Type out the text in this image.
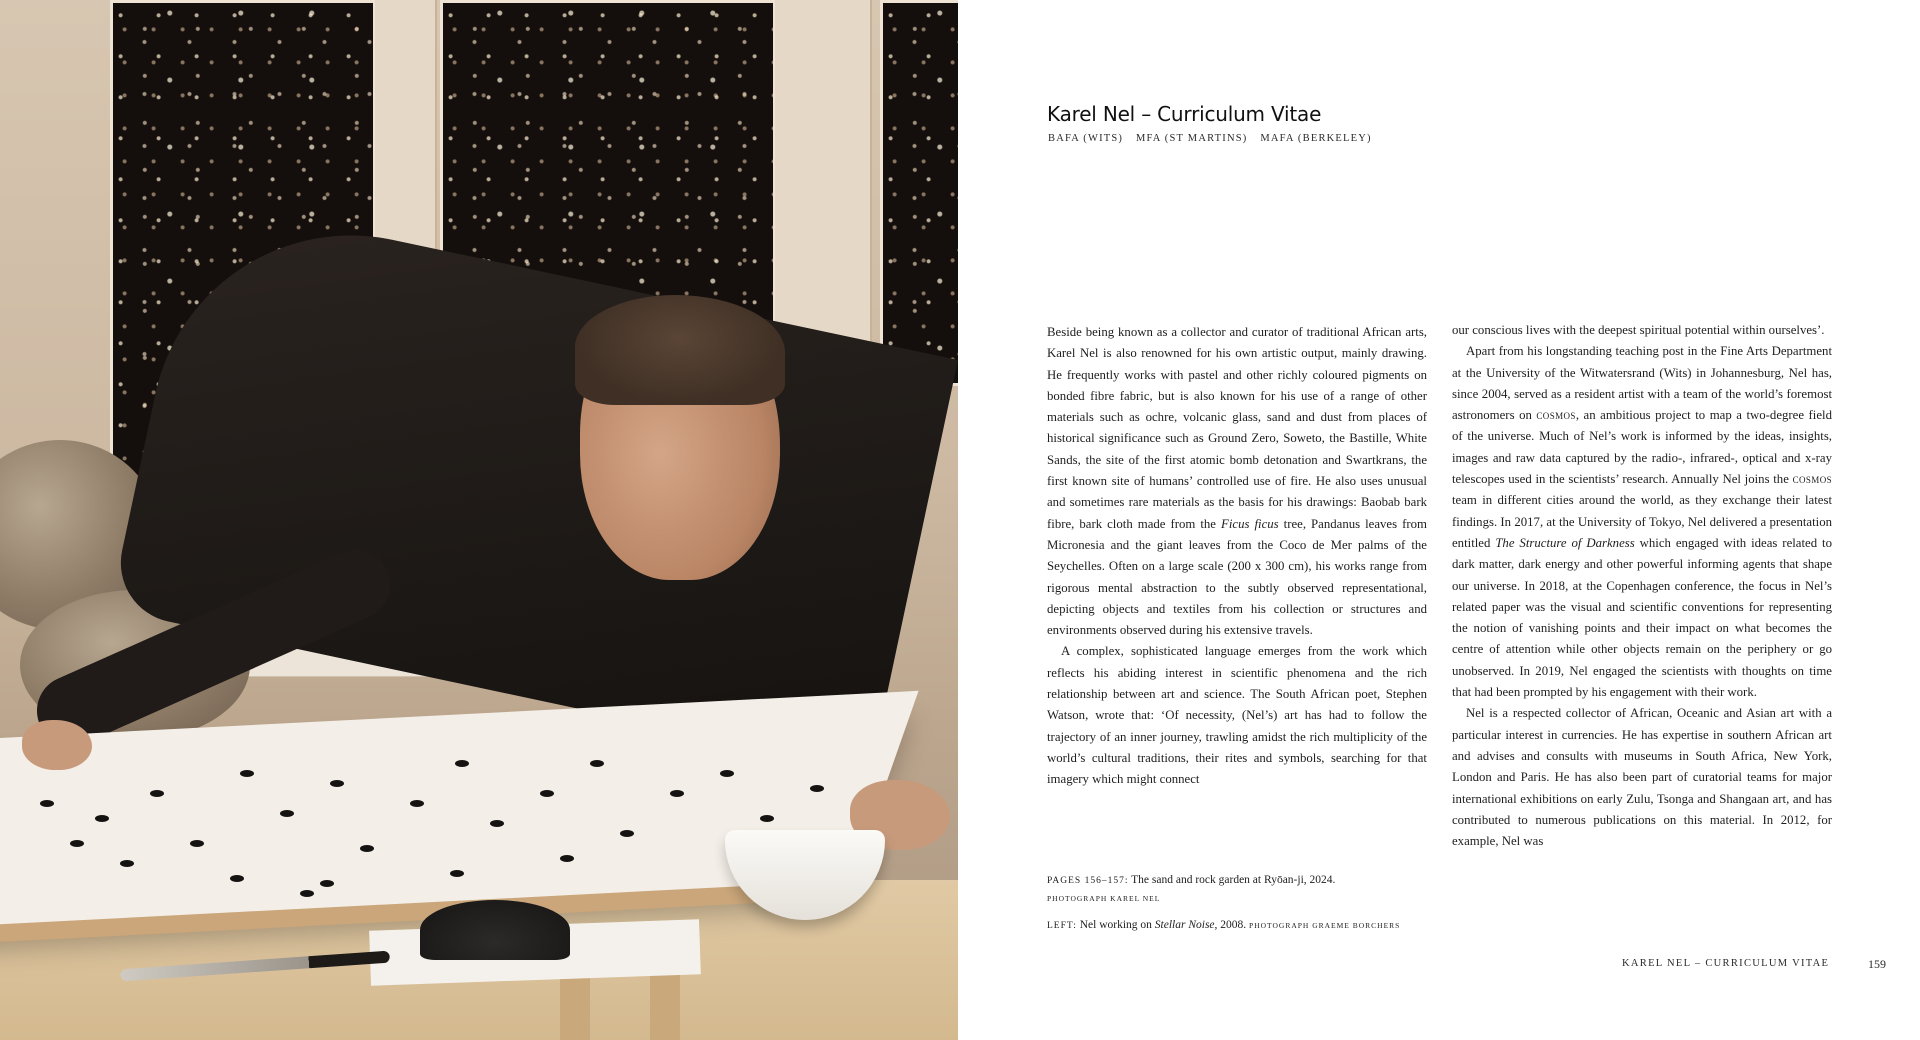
Karel Nel – Curriculum Vitae
BAFA (WITS) MFA (ST MARTINS) MAFA (BERKELEY)

Beside being known as a collector and curator of traditional African arts, Karel Nel is also renowned for his own artistic output, mainly drawing. He frequently works with pastel and other richly coloured pigments on bonded fibre fabric, but is also known for his use of a range of other materials such as ochre, volcanic glass, sand and dust from places of historical significance such as Ground Zero, Soweto, the Bastille, White Sands, the site of the first atomic bomb detonation and Swartkrans, the first known site of humans’ controlled use of fire. He also uses unusual and sometimes rare materials as the basis for his drawings: Baobab bark fibre, bark cloth made from the Ficus ficus tree, Pandanus leaves from Micronesia and the giant leaves from the Coco de Mer palms of the Seychelles. Often on a large scale (200 x 300 cm), his works range from rigorous mental abstraction to the subtly observed representational, depicting objects and textiles from his collection or structures and environments observed during his extensive travels.

A complex, sophisticated language emerges from the work which reflects his abiding interest in scientific phenomena and the rich relationship between art and science. The South African poet, Stephen Watson, wrote that: ‘Of necessity, (Nel’s) art has had to follow the trajectory of an inner journey, trawling amidst the rich multiplicity of the world’s cultural traditions, their rites and symbols, searching for that imagery which might connect

our conscious lives with the deepest spiritual potential within ourselves’.

Apart from his longstanding teaching post in the Fine Arts Department at the University of the Witwatersrand (Wits) in Johannesburg, Nel has, since 2004, served as a resident artist with a team of the world’s foremost astronomers on cosmos, an ambitious project to map a two-degree field of the universe. Much of Nel’s work is informed by the ideas, insights, images and raw data captured by the radio-, infrared-, optical and x-ray telescopes used in the scientists’ research. Annually Nel joins the cosmos team in different cities around the world, as they exchange their latest findings. In 2017, at the University of Tokyo, Nel delivered a presentation entitled The Structure of Darkness which engaged with ideas related to dark matter, dark energy and other powerful informing agents that shape our universe. In 2018, at the Copenhagen conference, the focus in Nel’s related paper was the visual and scientific conventions for representing the notion of vanishing points and their impact on what becomes the centre of attention while other objects remain on the periphery or go unobserved. In 2019, Nel engaged the scientists with thoughts on time that had been prompted by his engagement with their work.

Nel is a respected collector of African, Oceanic and Asian art with a particular interest in currencies. He has expertise in southern African art and advises and consults with museums in South Africa, New York, London and Paris. He has also been part of curatorial teams for major international exhibitions on early Zulu, Tsonga and Shangaan art, and has contributed to numerous publications on this material. In 2012, for example, Nel was

PAGES 156–157: The sand and rock garden at Ryōan-ji, 2024.
PHOTOGRAPH KAREL NEL
LEFT: Nel working on Stellar Noise, 2008. PHOTOGRAPH GRAEME BORCHERS
KAREL NEL – CURRICULUM VITAE	159
